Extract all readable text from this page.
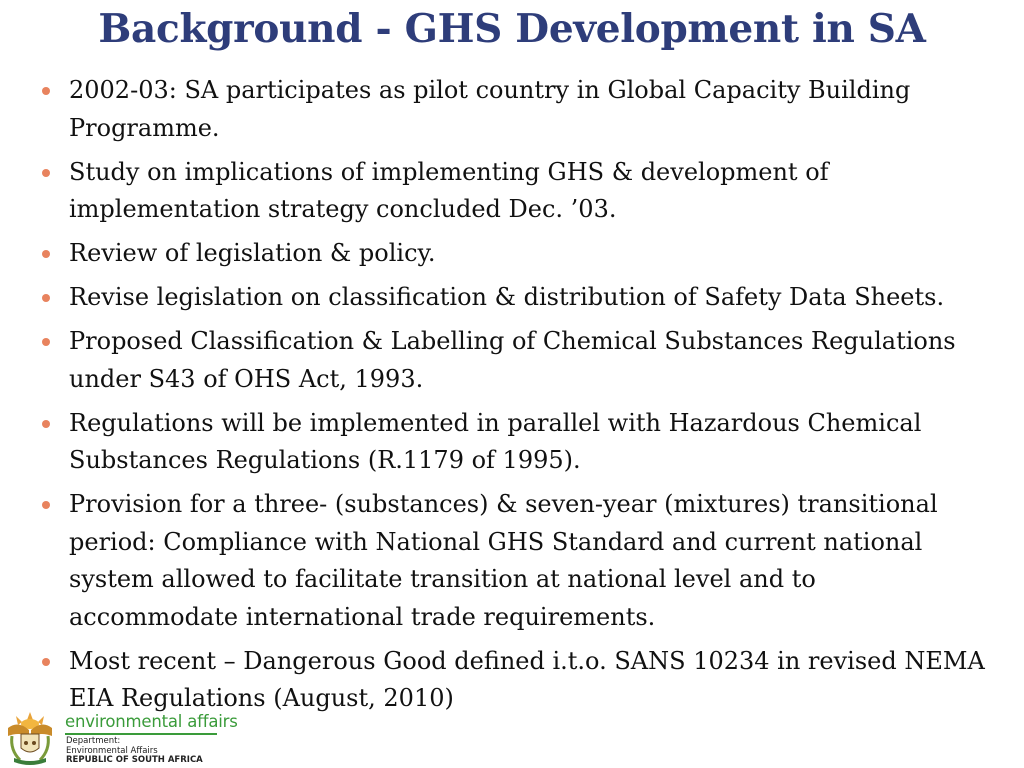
Background - GHS Development in SA
2002-03: SA participates as pilot country in Global Capacity Building Programme.
Study on implications of implementing GHS & development of implementation strategy concluded Dec. ’03.
Review of legislation & policy.
Revise legislation on classification & distribution of Safety Data Sheets.
Proposed Classification & Labelling of Chemical Substances Regulations under S43 of OHS Act, 1993.
Regulations will be implemented in parallel with Hazardous Chemical Substances Regulations (R.1179 of 1995).
Provision for a three- (substances) & seven-year (mixtures) transitional period: Compliance with National GHS Standard and current national system allowed to facilitate transition at national level and to accommodate international trade requirements.
Most recent – Dangerous Good defined i.t.o. SANS 10234 in revised NEMA EIA Regulations (August, 2010)
environmental affairs
Department:
Environmental Affairs
REPUBLIC OF SOUTH AFRICA
